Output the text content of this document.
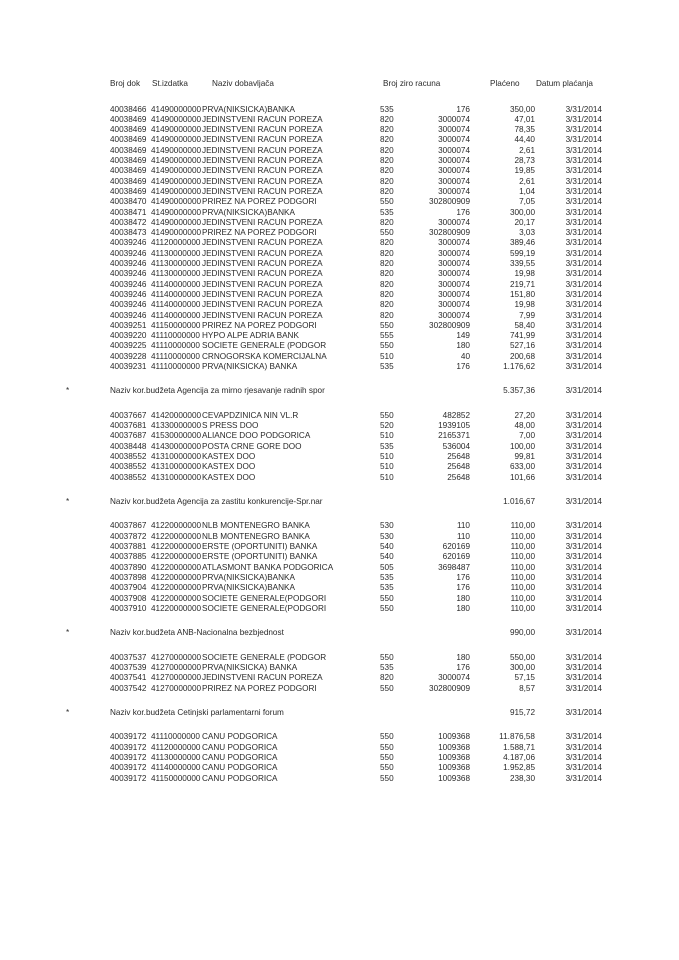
Broj dok St.izdatka	Naziv dobavljača	Broj ziro racuna	Plaćeno Datum plaćanja
40038466 41490000000 PRVA(NIKSICKA)BANKA	535	176	350,00	3/31/2014
40038469 41490000000 JEDINSTVENI RACUN POREZA	820	3000074	47,01	3/31/2014
40038469 41490000000 JEDINSTVENI RACUN POREZA	820	3000074	78,35	3/31/2014
40038469 41490000000 JEDINSTVENI RACUN POREZA	820	3000074	44,40	3/31/2014
40038469 41490000000 JEDINSTVENI RACUN POREZA	820	3000074	2,61	3/31/2014
40038469 41490000000 JEDINSTVENI RACUN POREZA	820	3000074	28,73	3/31/2014
40038469 41490000000 JEDINSTVENI RACUN POREZA	820	3000074	19,85	3/31/2014
40038469 41490000000 JEDINSTVENI RACUN POREZA	820	3000074	2,61	3/31/2014
40038469 41490000000 JEDINSTVENI RACUN POREZA	820	3000074	1,04	3/31/2014
40038470 41490000000 PRIREZ NA POREZ PODGORI	550	302800909	7,05	3/31/2014
40038471 41490000000 PRVA(NIKSICKA)BANKA	535	176	300,00	3/31/2014
40038472 41490000000 JEDINSTVENI RACUN POREZA	820	3000074	20,17	3/31/2014
40038473 41490000000 PRIREZ NA POREZ PODGORI	550	302800909	3,03	3/31/2014
40039246 41120000000 JEDINSTVENI RACUN POREZA	820	3000074	389,46	3/31/2014
40039246 41130000000 JEDINSTVENI RACUN POREZA	820	3000074	599,19	3/31/2014
40039246 41130000000 JEDINSTVENI RACUN POREZA	820	3000074	339,55	3/31/2014
40039246 41130000000 JEDINSTVENI RACUN POREZA	820	3000074	19,98	3/31/2014
40039246 41140000000 JEDINSTVENI RACUN POREZA	820	3000074	219,71	3/31/2014
40039246 41140000000 JEDINSTVENI RACUN POREZA	820	3000074	151,80	3/31/2014
40039246 41140000000 JEDINSTVENI RACUN POREZA	820	3000074	19,98	3/31/2014
40039246 41140000000 JEDINSTVENI RACUN POREZA	820	3000074	7,99	3/31/2014
40039251 41150000000 PRIREZ NA POREZ PODGORI	550	302800909	58,40	3/31/2014
40039220 41110000000 HYPO ALPE ADRIA BANK	555	149	741,99	3/31/2014
40039225 41110000000 SOCIETE GENERALE (PODGOR	550	180	527,16	3/31/2014
40039228 41110000000 CRNOGORSKA KOMERCIJALNA	510	40	200,68	3/31/2014
40039231 41110000000 PRVA(NIKSICKA) BANKA	535	176	1.176,62	3/31/2014
*	Naziv kor.budžeta Agencija za mirno rjesavanje radnih spor	5.357,36	3/31/2014
40037667 41420000000 CEVAPDZINICA NIN VL.R	550	482852	27,20	3/31/2014
40037681 41330000000 S PRESS DOO	520	1939105	48,00	3/31/2014
40037687 41530000000 ALIANCE DOO PODGORICA	510	2165371	7,00	3/31/2014
40038448 41430000000 POSTA CRNE GORE DOO	535	536004	100,00	3/31/2014
40038552 41310000000 KASTEX DOO	510	25648	99,81	3/31/2014
40038552 41310000000 KASTEX DOO	510	25648	633,00	3/31/2014
40038552 41310000000 KASTEX DOO	510	25648	101,66	3/31/2014
*	Naziv kor.budžeta Agencija za zastitu konkurencije-Spr.nar	1.016,67	3/31/2014
40037867 41220000000 NLB MONTENEGRO BANKA	530	110	110,00	3/31/2014
40037872 41220000000 NLB MONTENEGRO BANKA	530	110	110,00	3/31/2014
40037881 41220000000 ERSTE (OPORTUNITI) BANKA	540	620169	110,00	3/31/2014
40037885 41220000000 ERSTE (OPORTUNITI) BANKA	540	620169	110,00	3/31/2014
40037890 41220000000 ATLASMONT BANKA PODGORICA	505	3698487	110,00	3/31/2014
40037898 41220000000 PRVA(NIKSICKA)BANKA	535	176	110,00	3/31/2014
40037904 41220000000 PRVA(NIKSICKA)BANKA	535	176	110,00	3/31/2014
40037908 41220000000 SOCIETE GENERALE(PODGORI	550	180	110,00	3/31/2014
40037910 41220000000 SOCIETE GENERALE(PODGORI	550	180	110,00	3/31/2014
*	Naziv kor.budžeta ANB-Nacionalna bezbjednost	990,00	3/31/2014
40037537 41270000000 SOCIETE GENERALE (PODGOR	550	180	550,00	3/31/2014
40037539 41270000000 PRVA(NIKSICKA) BANKA	535	176	300,00	3/31/2014
40037541 41270000000 JEDINSTVENI RACUN POREZA	820	3000074	57,15	3/31/2014
40037542 41270000000 PRIREZ NA POREZ PODGORI	550	302800909	8,57	3/31/2014
*	Naziv kor.budžeta Cetinjski parlamentarni forum	915,72	3/31/2014
40039172 41110000000 CANU PODGORICA	550	1009368	11.876,58	3/31/2014
40039172 41120000000 CANU PODGORICA	550	1009368	1.588,71	3/31/2014
40039172 41130000000 CANU PODGORICA	550	1009368	4.187,06	3/31/2014
40039172 41140000000 CANU PODGORICA	550	1009368	1.952,85	3/31/2014
40039172 41150000000 CANU PODGORICA	550	1009368	238,30	3/31/2014
